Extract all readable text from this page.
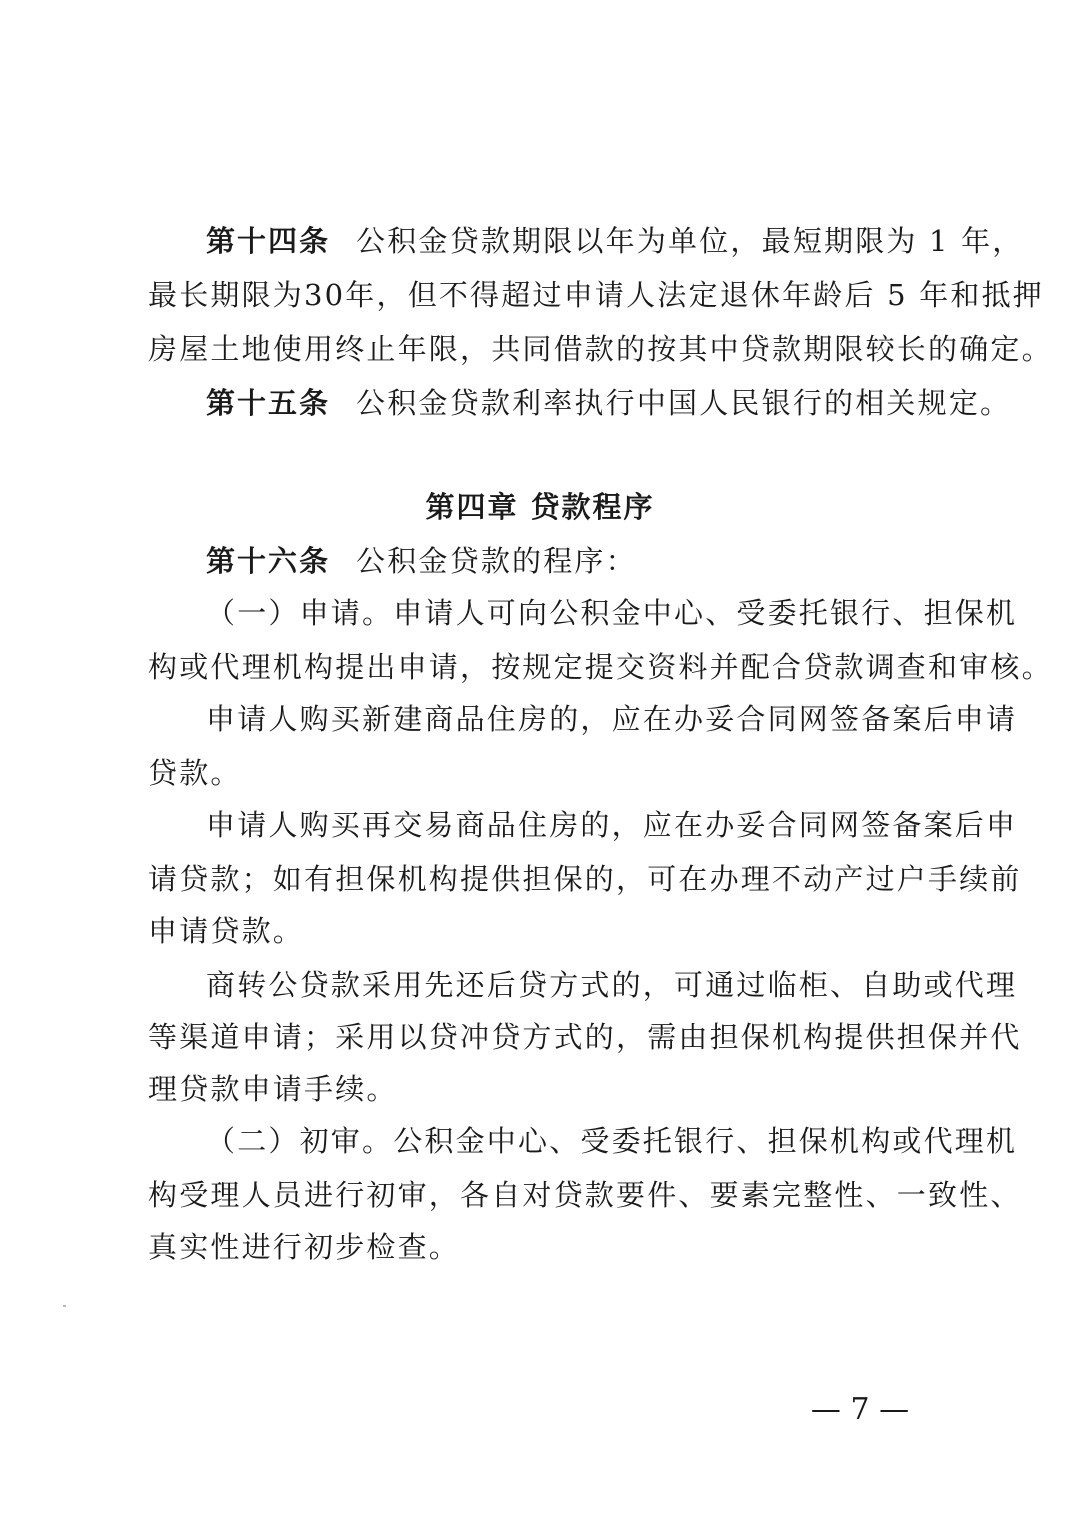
第十四条 公积金贷款期限以年为单位，最短期限为 1 年，
最长期限为30年，但不得超过申请人法定退休年龄后 5 年和抵押
房屋土地使用终止年限，共同借款的按其中贷款期限较长的确定。
第十五条 公积金贷款利率执行中国人民银行的相关规定。
第四章 贷款程序
第十六条 公积金贷款的程序：
（一）申请。申请人可向公积金中心、受委托银行、担保机
构或代理机构提出申请，按规定提交资料并配合贷款调查和审核。
申请人购买新建商品住房的，应在办妥合同网签备案后申请
贷款。
申请人购买再交易商品住房的，应在办妥合同网签备案后申
请贷款；如有担保机构提供担保的，可在办理不动产过户手续前
申请贷款。
商转公贷款采用先还后贷方式的，可通过临柜、自助或代理
等渠道申请；采用以贷冲贷方式的，需由担保机构提供担保并代
理贷款申请手续。
（二）初审。公积金中心、受委托银行、担保机构或代理机
构受理人员进行初审，各自对贷款要件、要素完整性、一致性、
真实性进行初步检查。
— 7 —
